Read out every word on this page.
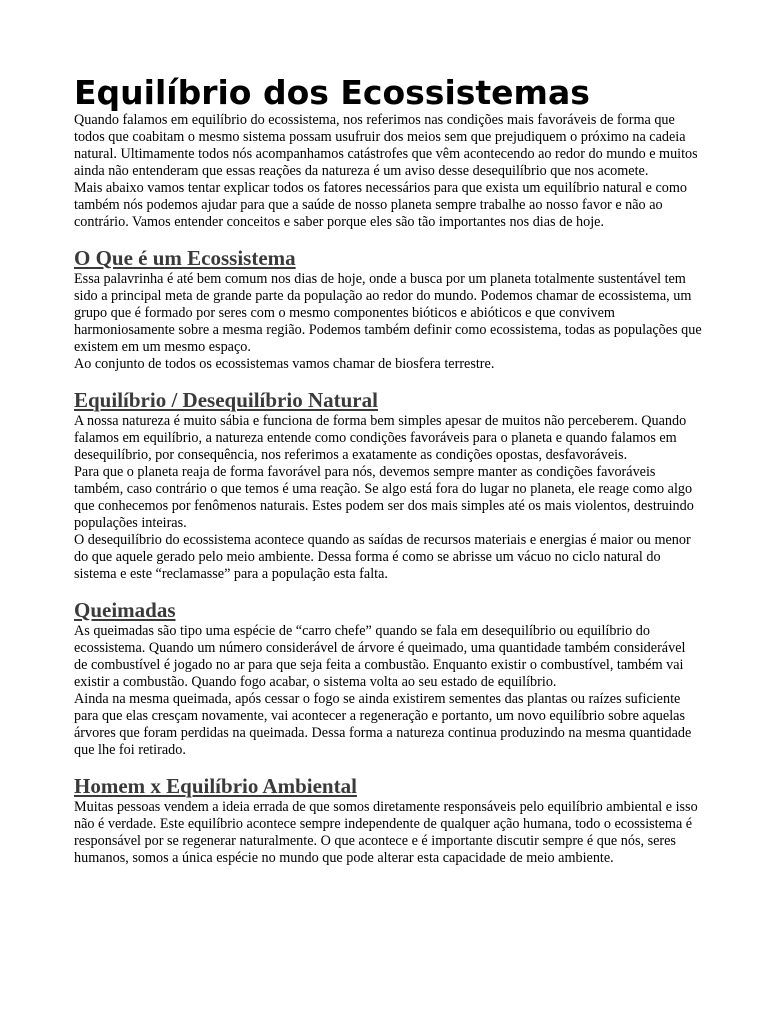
Equilíbrio dos Ecossistemas

Quando falamos em equilíbrio do ecossistema, nos referimos nas condições mais favoráveis de forma que todos que coabitam o mesmo sistema possam usufruir dos meios sem que prejudiquem o próximo na cadeia natural. Ultimamente todos nós acompanhamos catástrofes que vêm acontecendo ao redor do mundo e muitos ainda não entenderam que essas reações da natureza é um aviso desse desequilíbrio que nos acomete.

Mais abaixo vamos tentar explicar todos os fatores necessários para que exista um equilíbrio natural e como também nós podemos ajudar para que a saúde de nosso planeta sempre trabalhe ao nosso favor e não ao contrário. Vamos entender conceitos e saber porque eles são tão importantes nos dias de hoje.

O Que é um Ecossistema

Essa palavrinha é até bem comum nos dias de hoje, onde a busca por um planeta totalmente sustentável tem sido a principal meta de grande parte da população ao redor do mundo. Podemos chamar de ecossistema, um grupo que é formado por seres com o mesmo componentes bióticos e abióticos e que convivem harmoniosamente sobre a mesma região. Podemos também definir como ecossistema, todas as populações que existem em um mesmo espaço.

Ao conjunto de todos os ecossistemas vamos chamar de biosfera terrestre.

Equilíbrio / Desequilíbrio Natural

A nossa natureza é muito sábia e funciona de forma bem simples apesar de muitos não perceberem. Quando falamos em equilíbrio, a natureza entende como condições favoráveis para o planeta e quando falamos em desequilíbrio, por consequência, nos referimos a exatamente as condições opostas, desfavoráveis.

Para que o planeta reaja de forma favorável para nós, devemos sempre manter as condições favoráveis também, caso contrário o que temos é uma reação. Se algo está fora do lugar no planeta, ele reage como algo que conhecemos por fenômenos naturais. Estes podem ser dos mais simples até os mais violentos, destruindo populações inteiras.

O desequilíbrio do ecossistema acontece quando as saídas de recursos materiais e energias é maior ou menor do que aquele gerado pelo meio ambiente. Dessa forma é como se abrisse um vácuo no ciclo natural do sistema e este “reclamasse” para a população esta falta.

Queimadas

As queimadas são tipo uma espécie de “carro chefe” quando se fala em desequilíbrio ou equilíbrio do ecossistema. Quando um número considerável de árvore é queimado, uma quantidade também considerável de combustível é jogado no ar para que seja feita a combustão. Enquanto existir o combustível, também vai existir a combustão. Quando fogo acabar, o sistema volta ao seu estado de equilíbrio.

Ainda na mesma queimada, após cessar o fogo se ainda existirem sementes das plantas ou raízes suficiente para que elas cresçam novamente, vai acontecer a regeneração e portanto, um novo equilíbrio sobre aquelas árvores que foram perdidas na queimada. Dessa forma a natureza continua produzindo na mesma quantidade que lhe foi retirado.

Homem x Equilíbrio Ambiental

Muitas pessoas vendem a ideia errada de que somos diretamente responsáveis pelo equilíbrio ambiental e isso não é verdade. Este equilíbrio acontece sempre independente de qualquer ação humana, todo o ecossistema é responsável por se regenerar naturalmente. O que acontece e é importante discutir sempre é que nós, seres humanos, somos a única espécie no mundo que pode alterar esta capacidade de meio ambiente.
